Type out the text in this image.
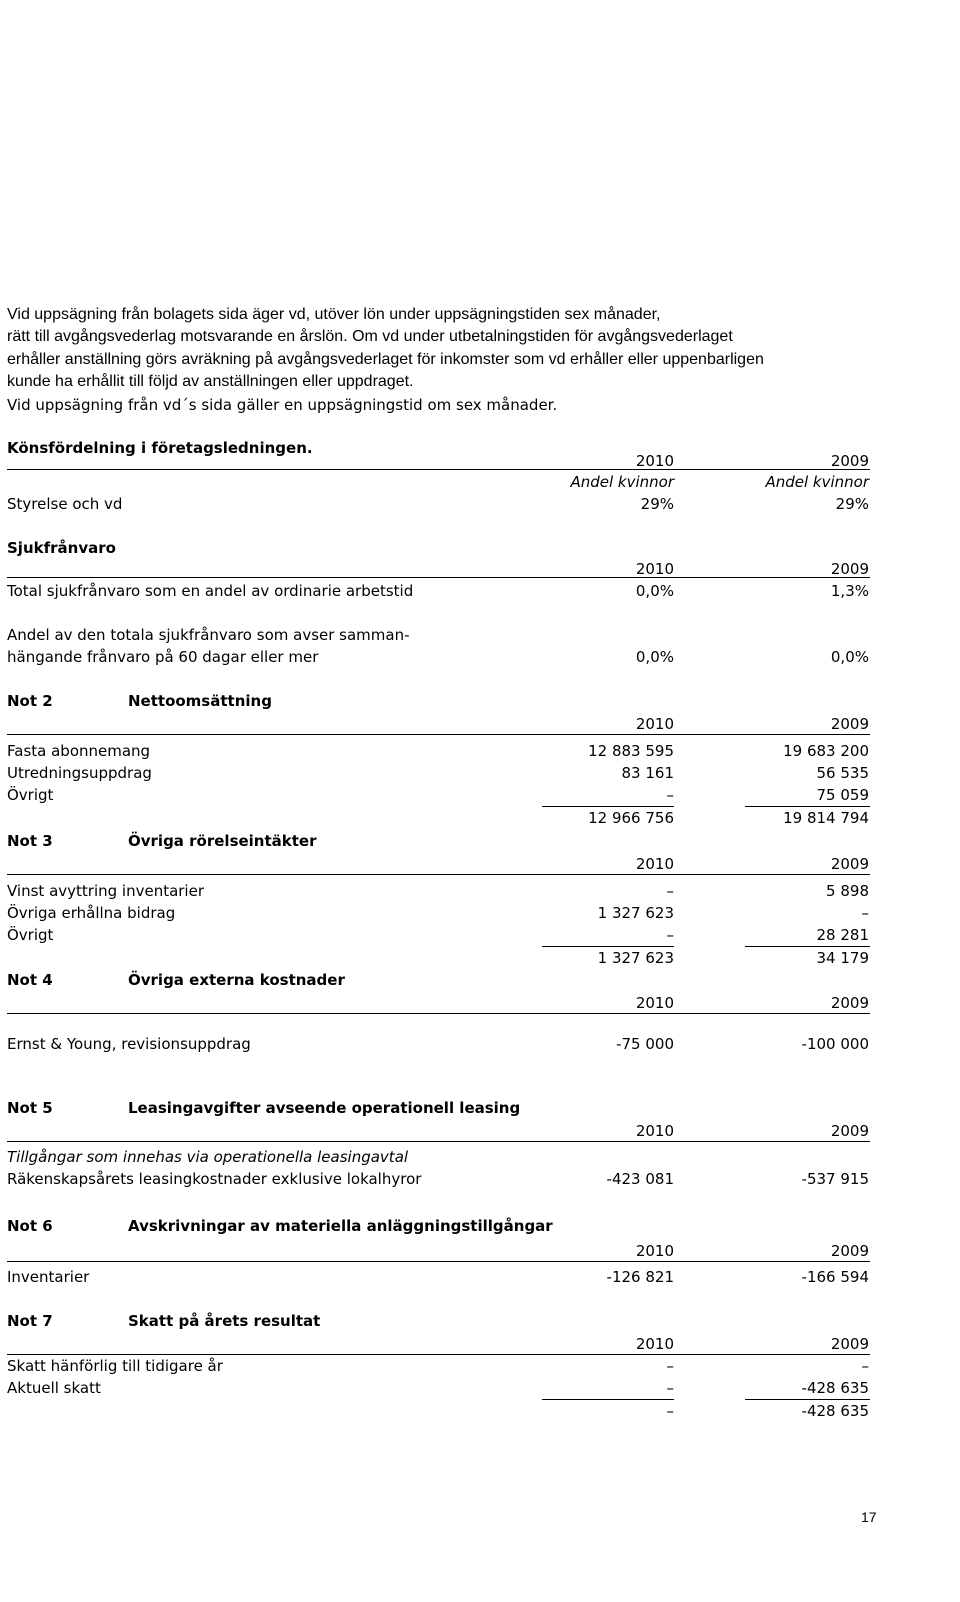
Vid uppsägning från bolagets sida äger vd, utöver lön under uppsägningstiden sex månader,
rätt till avgångsvederlag motsvarande en årslön. Om vd under utbetalningstiden för avgångsvederlaget
erhåller anställning görs avräkning på avgångsvederlaget för inkomster som vd erhåller eller uppenbarligen
kunde ha erhållit till följd av anställningen eller uppdraget.
Vid uppsägning från vd´s sida gäller en uppsägningstid om sex månader.
Könsfördelning i företagsledningen.
2010	2009
Andel kvinnor	Andel kvinnor
Styrelse och vd	29%	29%
Sjukfrånvaro
2010	2009
Total sjukfrånvaro som en andel av ordinarie arbetstid	0,0%	1,3%
Andel av den totala sjukfrånvaro som avser samman-
hängande frånvaro på 60 dagar eller mer	0,0%	0,0%
Not 2	Nettoomsättning
2010	2009
Fasta abonnemang	12 883 595	19 683 200
Utredningsuppdrag	83 161	56 535
Övrigt	–	75 059
12 966 756	19 814 794
Not 3	Övriga rörelseintäkter
2010	2009
Vinst avyttring inventarier	–	5 898
Övriga erhållna bidrag	1 327 623	–
Övrigt	–	28 281
1 327 623	34 179
Not 4	Övriga externa kostnader
2010	2009
Ernst & Young, revisionsuppdrag	-75 000	-100 000
Not 5	Leasingavgifter avseende operationell leasing
2010	2009
Tillgångar som innehas via operationella leasingavtal
Räkenskapsårets leasingkostnader exklusive lokalhyror	-423 081	-537 915
Not 6	Avskrivningar av materiella anläggningstillgångar
2010	2009
Inventarier	-126 821	-166 594
Not 7	Skatt på årets resultat
2010	2009
Skatt hänförlig till tidigare år	–	–
Aktuell skatt	–	-428 635
–	-428 635
17
